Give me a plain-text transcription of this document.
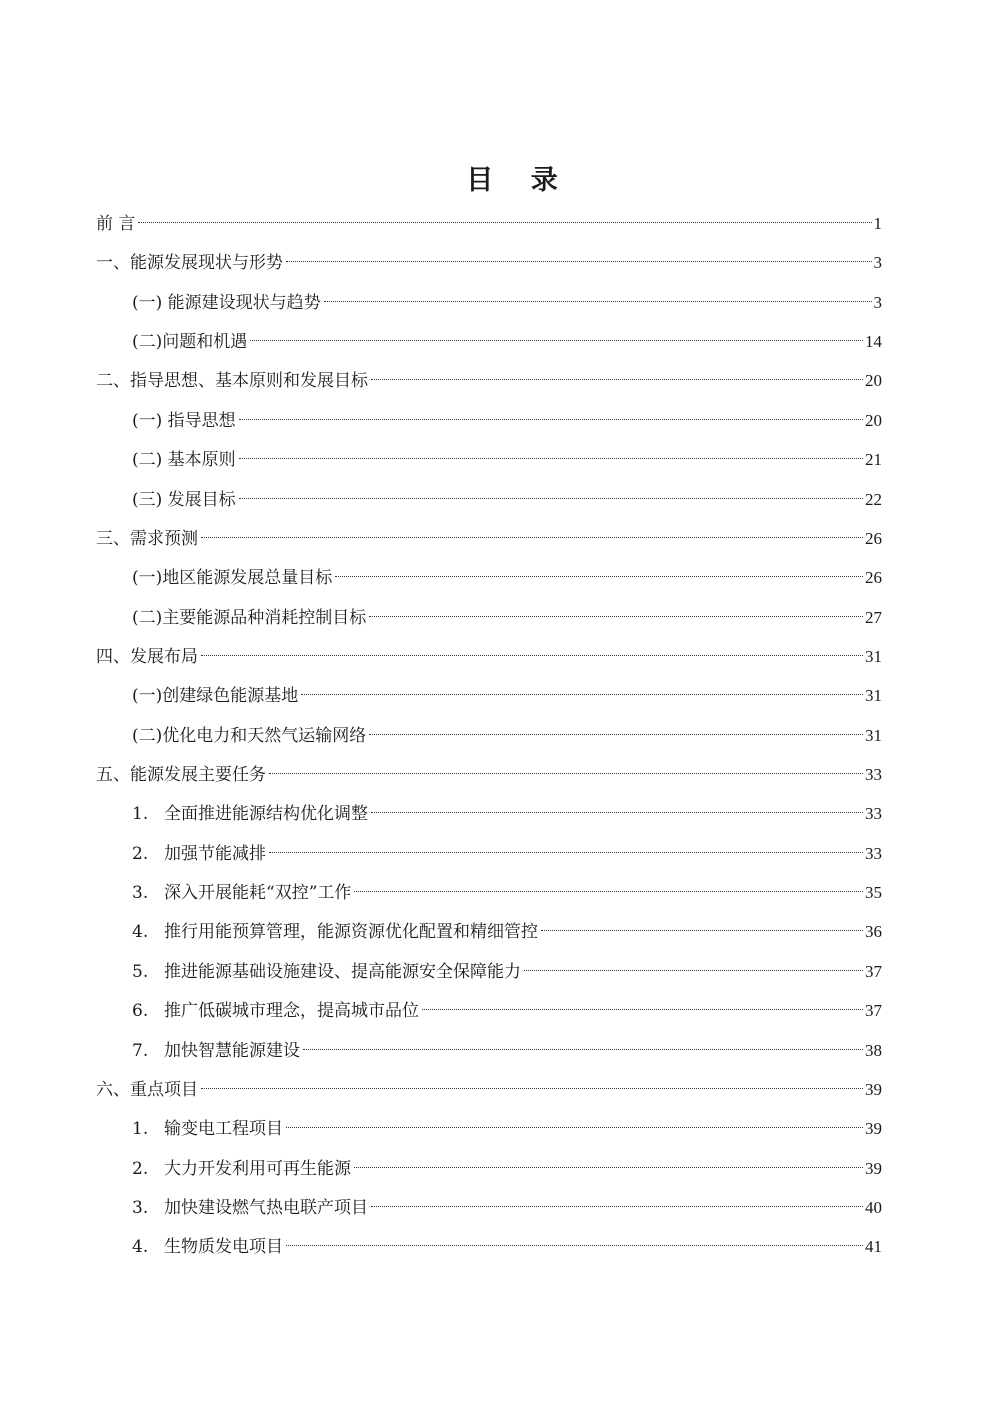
目 录
前 言	1
一、能源发展现状与形势	3
(一) 能源建设现状与趋势	3
(二)问题和机遇	14
二、指导思想、基本原则和发展目标	20
(一) 指导思想	20
(二) 基本原则	21
(三) 发展目标	22
三、需求预测	26
(一)地区能源发展总量目标	26
(二)主要能源品种消耗控制目标	27
四、发展布局	31
(一)创建绿色能源基地	31
(二)优化电力和天然气运输网络	31
五、能源发展主要任务	33
1. 全面推进能源结构优化调整	33
2. 加强节能减排	33
3. 深入开展能耗“双控”工作	35
4. 推行用能预算管理，能源资源优化配置和精细管控	36
5. 推进能源基础设施建设、提高能源安全保障能力	37
6. 推广低碳城市理念，提高城市品位	37
7. 加快智慧能源建设	38
六、重点项目	39
1. 输变电工程项目	39
2. 大力开发利用可再生能源	39
3. 加快建设燃气热电联产项目	40
4. 生物质发电项目	41
